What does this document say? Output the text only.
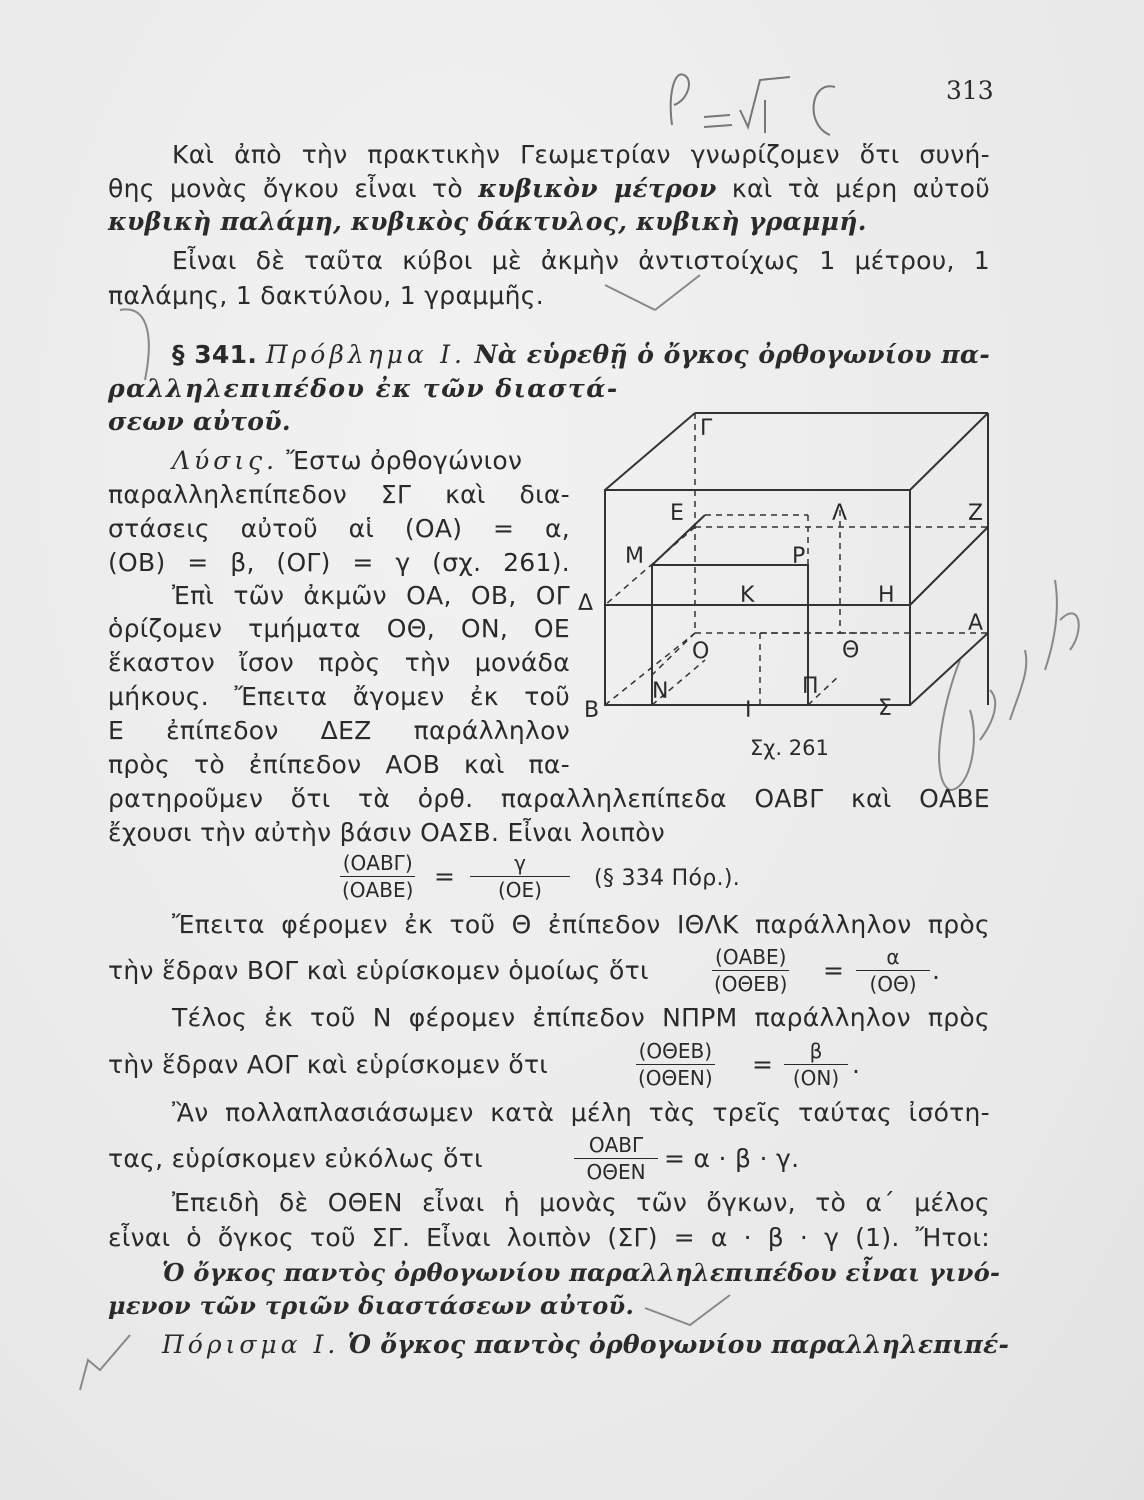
313
Καὶ ἀπὸ τὴν πρακτικὴν Γεωμετρίαν γνωρίζομεν ὅτι συνή-
θης μονὰς ὄγκου εἶναι τὸ κυβικὸν μέτρον καὶ τὰ μέρη αὐτοῦ
κυβικὴ παλάμη, κυβικὸς δάκτυλος, κυβικὴ γραμμή.
Εἶναι δὲ ταῦτα κύβοι μὲ ἀκμὴν ἀντιστοίχως 1 μέτρου, 1
παλάμης, 1 δακτύλου, 1 γραμμῆς.
§ 341. Πρόβλημα I. Νὰ εὑρεθῇ ὁ ὄγκος ὀρθογωνίου πα-
ραλληλεπιπέδου ἐκ τῶν διαστά-
σεων αὐτοῦ.
Λύσις. Ἔστω ὀρθογώνιον
παραλληλεπίπεδον ΣΓ καὶ δια-
στάσεις αὐτοῦ αἱ (ΟΑ) = α,
(ΟΒ) = β, (ΟΓ) = γ (σχ. 261).
Ἐπὶ τῶν ἀκμῶν ΟΑ, ΟΒ, ΟΓ
ὁρίζομεν τμήματα ΟΘ, ΟΝ, ΟΕ
ἕκαστον ἴσον πρὸς τὴν μονάδα
μήκους. Ἔπειτα ἄγομεν ἐκ τοῦ
Ε ἐπίπεδον ΔΕΖ παράλληλον
πρὸς τὸ ἐπίπεδον ΑΟΒ καὶ πα-
ρατηροῦμεν ὅτι τὰ ὀρθ. παραλληλεπίπεδα ΟΑΒΓ καὶ ΟΑΒΕ
ἔχουσι τὴν αὐτὴν βάσιν ΟΑΣΒ. Εἶναι λοιπὸν
Γ
Ε	Λ	Ζ
Μ	Ρ
Δ	Κ	Η
Α
Ο	Θ
Ν	Π
Β	Ι	Σ
Σχ. 261
(ΟΑΒΓ)
$(OABE) = \frac{\gamma}{(OE)}$ (§ 334 Πόρ.).
Ἔπειτα φέρομεν ἐκ τοῦ Θ ἐπίπεδον ΙΘΛΚ παράλληλον πρὸς
τὴν ἕδραν ΒΟΓ καὶ εὑρίσκομεν ὁμοίως ὅτι	(ΟΑΒΕ)
$(O\Theta EB) = \frac{\alpha}{(O\Theta)}$ .
Τέλος ἐκ τοῦ Ν φέρομεν ἐπίπεδον ΝΠΡΜ παράλληλον πρὸς
τὴν ἕδραν ΑΟΓ καὶ εὑρίσκομεν ὅτι	(ΟΘΕΒ)
$(O\Theta EN) = \frac{\beta}{(ON)}$ .
Ἂν πολλαπλασιάσωμεν κατὰ μέλη τὰς τρεῖς ταύτας ἰσότη-
τας, εὑρίσκομεν εὐκόλως ὅτι	ΟΑΒΓ
ΟΘΕΝ = α · β · γ.
Ἐπειδὴ δὲ ΟΘΕΝ εἶναι ἡ μονὰς τῶν ὄγκων, τὸ α΄ μέλος
εἶναι ὁ ὄγκος τοῦ ΣΓ. Εἶναι λοιπὸν (ΣΓ) = α · β · γ (1). Ἤτοι:
Ὁ ὄγκος παντὸς ὀρθογωνίου παραλληλεπιπέδου εἶναι γινό-
μενον τῶν τριῶν διαστάσεων αὐτοῦ.
Πόρισμα I. Ὁ ὄγκος παντὸς ὀρθογωνίου παραλληλεπιπέ-
